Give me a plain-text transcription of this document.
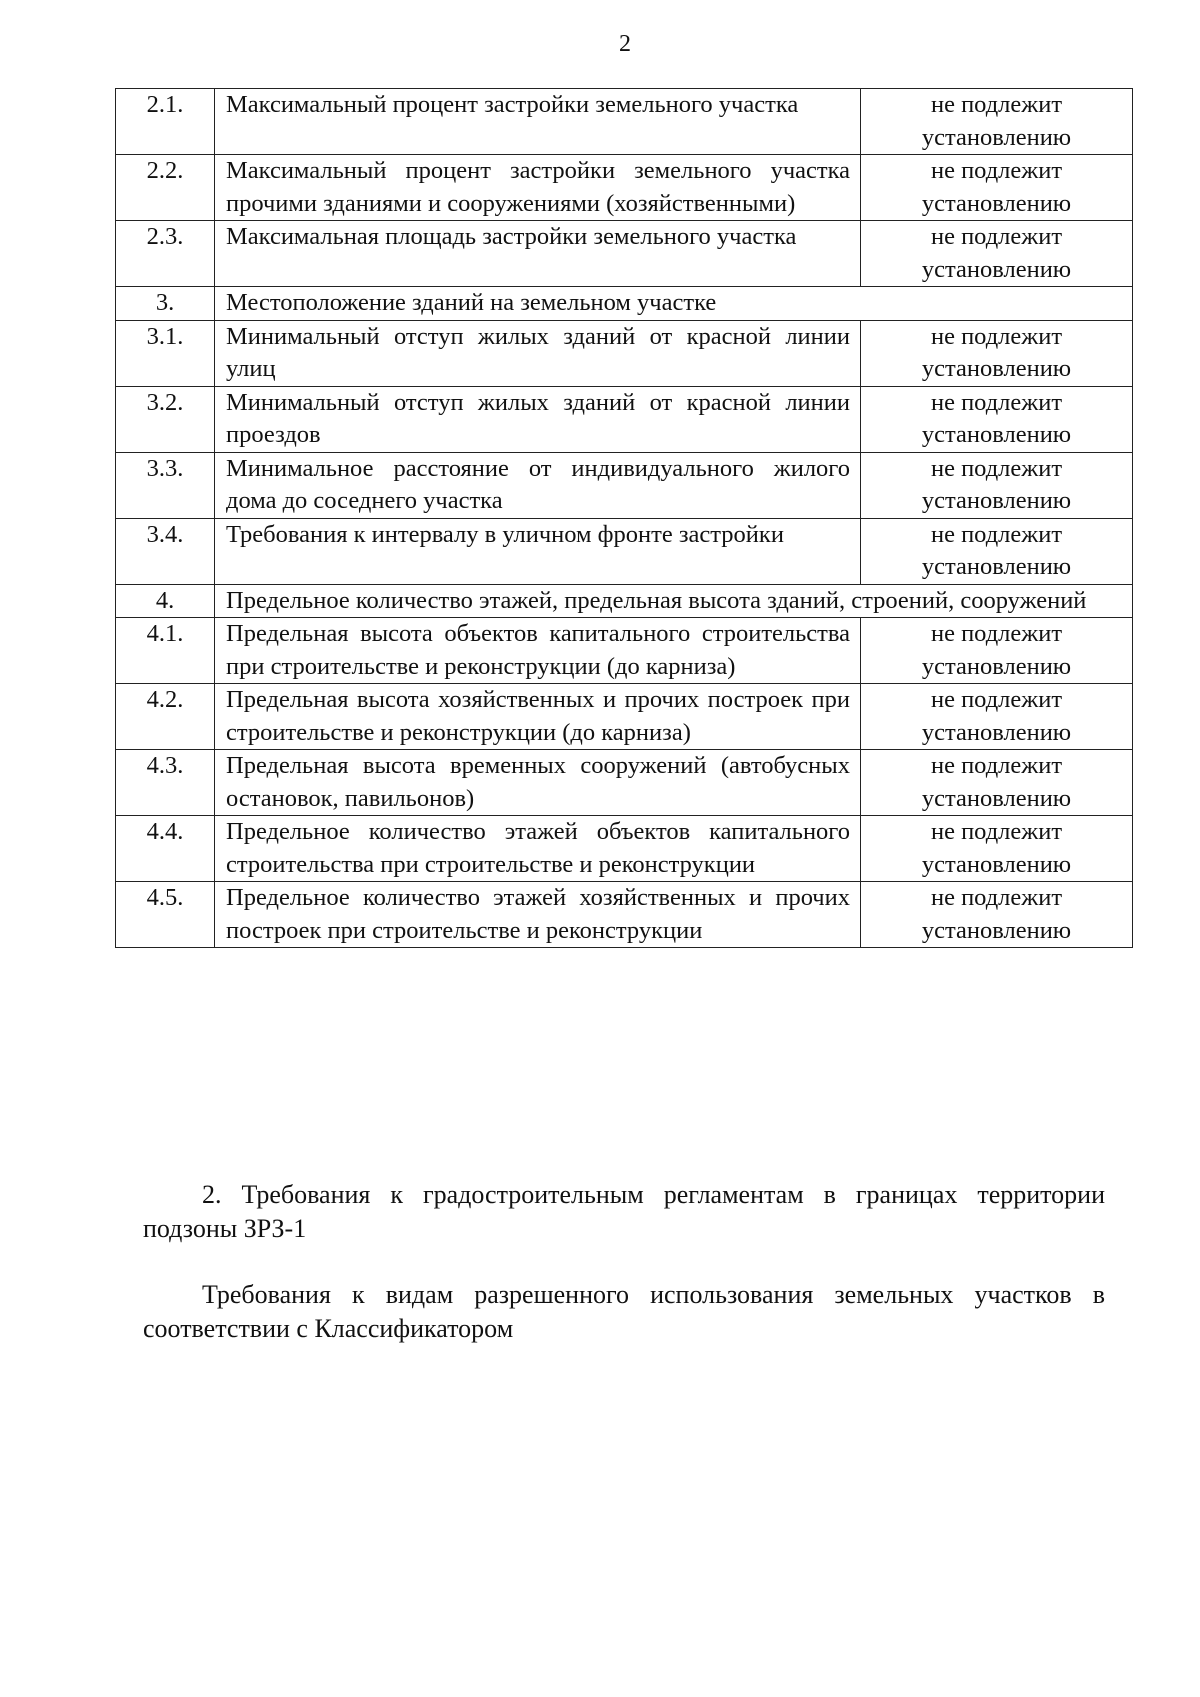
2
2.1.	Максимальный процент застройки земельного участка	не подлежит
установлению

2.2.	Максимальный процент застройки земельного участка прочими зданиями и сооружениями (хозяйственными)	не подлежит
установлению

2.3.	Максимальная площадь застройки земельного участка	не подлежит
установлению

3.	Местоположение зданий на земельном участке	
3.1.	Минимальный отступ жилых зданий от красной линии улиц	не подлежит
установлению

3.2.	Минимальный отступ жилых зданий от красной линии проездов	не подлежит
установлению

3.3.	Минимальное расстояние от индивидуального жилого дома до соседнего участка	не подлежит
установлению

3.4.	Требования к интервалу в уличном фронте застройки	не подлежит
установлению

4.	Предельное количество этажей, предельная высота зданий, строений, сооружений	
4.1.	Предельная высота объектов капитального строительства при строительстве и реконструкции (до карниза)	не подлежит
установлению

4.2.	Предельная высота хозяйственных и прочих построек при строительстве и реконструкции (до карниза)	не подлежит
установлению

4.3.	Предельная высота временных сооружений (автобусных остановок, павильонов)	не подлежит
установлению

4.4.	Предельное количество этажей объектов капитального строительства при строительстве и реконструкции	не подлежит
установлению

4.5.	Предельное количество этажей хозяйственных и прочих построек при строительстве и реконструкции	не подлежит
установлению
2. Требования к градостроительным регламентам в границах территории подзоны ЗРЗ-1
Требования к видам разрешенного использования земельных участков в соответствии с Классификатором
